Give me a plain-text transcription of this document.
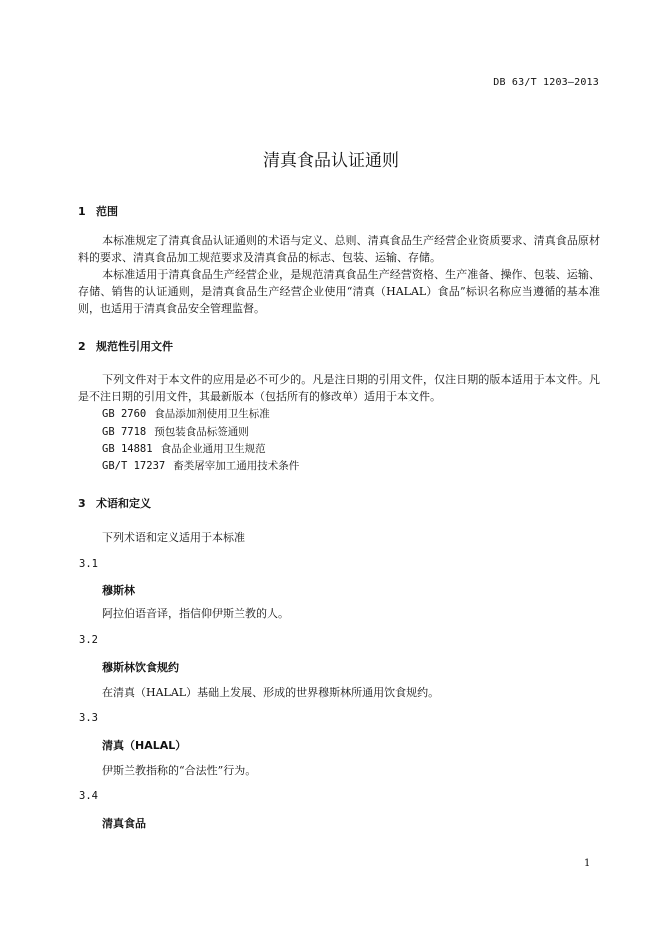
DB 63/T 1203—2013
清真食品认证通则
1 范围
本标准规定了清真食品认证通则的术语与定义、总则、清真食品生产经营企业资质要求、清真食品原材料的要求、清真食品加工规范要求及清真食品的标志、包装、运输、存储。
本标准适用于清真食品生产经营企业，是规范清真食品生产经营资格、生产准备、操作、包装、运输、存储、销售的认证通则，是清真食品生产经营企业使用“清真（HALAL）食品”标识名称应当遵循的基本准则，也适用于清真食品安全管理监督。
2 规范性引用文件
下列文件对于本文件的应用是必不可少的。凡是注日期的引用文件，仅注日期的版本适用于本文件。凡是不注日期的引用文件，其最新版本（包括所有的修改单）适用于本文件。
GB 2760 食品添加剂使用卫生标准
GB 7718 预包装食品标签通则
GB 14881 食品企业通用卫生规范
GB/T 17237 畜类屠宰加工通用技术条件
3 术语和定义
下列术语和定义适用于本标准
3.1
穆斯林
阿拉伯语音译，指信仰伊斯兰教的人。
3.2
穆斯林饮食规约
在清真（HALAL）基础上发展、形成的世界穆斯林所通用饮食规约。
3.3
清真（HALAL）
伊斯兰教指称的“合法性”行为。
3.4
清真食品
1
